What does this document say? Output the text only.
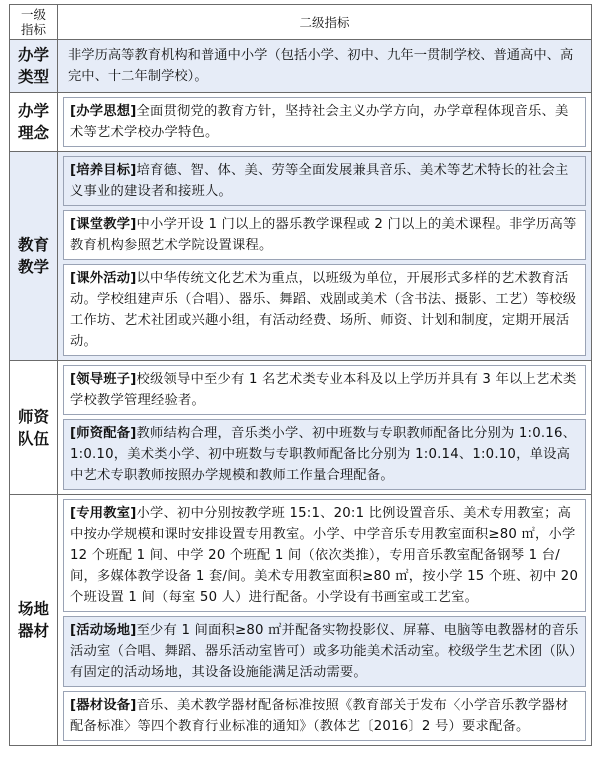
一级指标	二级指标

办学类型	非学历高等教育机构和普通中小学（包括小学、初中、九年一贯制学校、普通高中、高完中、十二年制学校）。

办学理念	[办学思想]全面贯彻党的教育方针，坚持社会主义办学方向，办学章程体现音乐、美术等艺术学校办学特色。

教育教学	[培养目标]培育德、智、体、美、劳等全面发展兼具音乐、美术等艺术特长的社会主义事业的建设者和接班人。
[课堂教学]中小学开设 1 门以上的器乐教学课程或 2 门以上的美术课程。非学历高等教育机构参照艺术学院设置课程。
[课外活动]以中华传统文化艺术为重点，以班级为单位，开展形式多样的艺术教育活动。学校组建声乐（合唱）、器乐、舞蹈、戏剧或美术（含书法、摄影、工艺）等校级工作坊、艺术社团或兴趣小组，有活动经费、场所、师资、计划和制度，定期开展活动。

师资队伍	[领导班子]校级领导中至少有 1 名艺术类专业本科及以上学历并具有 3 年以上艺术类学校教学管理经验者。
[师资配备]教师结构合理，音乐类小学、初中班数与专职教师配备比分别为 1:0.16、1:0.10，美术类小学、初中班数与专职教师配备比分别为 1:0.14、1:0.10，单设高中艺术专职教师按照办学规模和教师工作量合理配备。

场地器材	[专用教室]小学、初中分别按教学班 15:1、20:1 比例设置音乐、美术专用教室；高中按办学规模和课时安排设置专用教室。小学、中学音乐专用教室面积≥80 ㎡，小学 12 个班配 1 间、中学 20 个班配 1 间（依次类推），专用音乐教室配备钢琴 1 台/间，多媒体教学设备 1 套/间。美术专用教室面积≥80 ㎡，按小学 15 个班、初中 20 个班设置 1 间（每室 50 人）进行配备。小学设有书画室或工艺室。
[活动场地]至少有 1 间面积≥80 ㎡并配备实物投影仪、屏幕、电脑等电教器材的音乐活动室（合唱、舞蹈、器乐活动室皆可）或多功能美术活动室。校级学生艺术团（队）有固定的活动场地，其设备设施能满足活动需要。
[器材设备]音乐、美术教学器材配备标准按照《教育部关于发布〈小学音乐教学器材配备标准〉等四个教育行业标准的通知》（教体艺〔2016〕2 号）要求配备。
